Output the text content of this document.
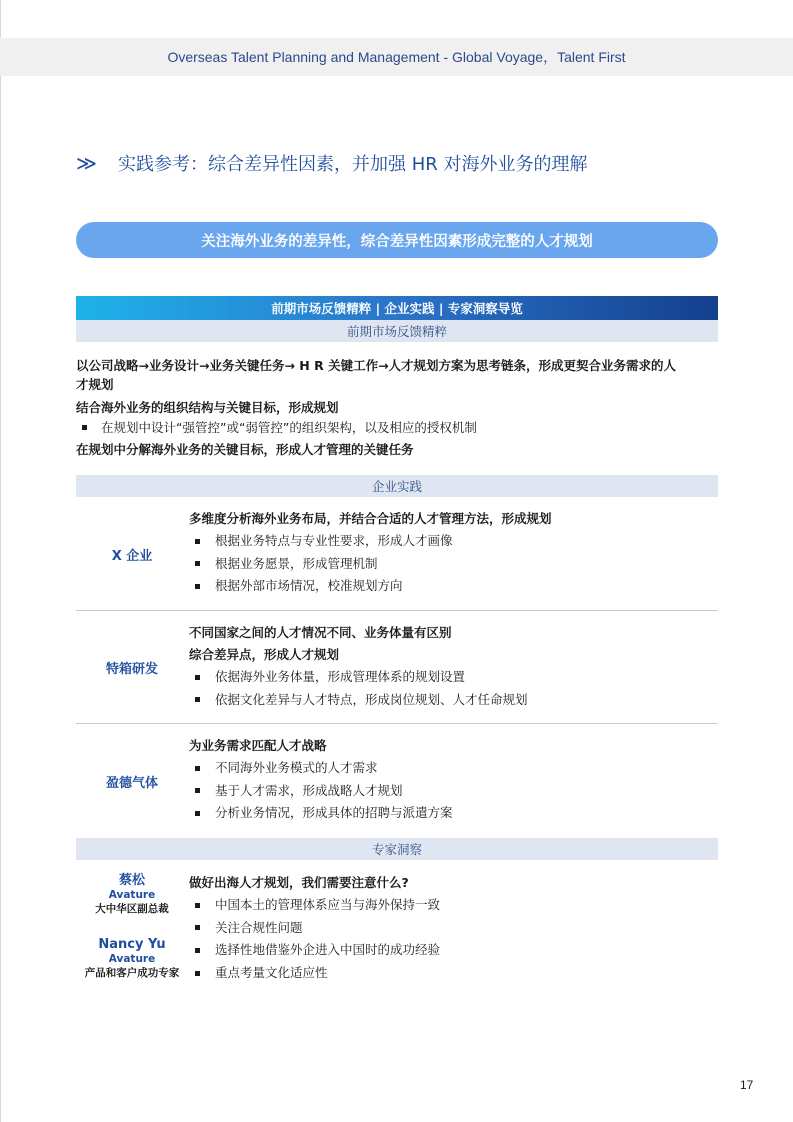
Overseas Talent Planning and Management - Global Voyage，Talent First
≫	实践参考：综合差异性因素，并加强 HR 对海外业务的理解
关注海外业务的差异性，综合差异性因素形成完整的人才规划
前期市场反馈精粹 | 企业实践 | 专家洞察导览
前期市场反馈精粹
以公司战略→业务设计→业务关键任务→ H R 关键工作→人才规划方案为思考链条，形成更契合业务需求的人
才规划
结合海外业务的组织结构与关键目标，形成规划
在规划中设计“强管控”或“弱管控”的组织架构，以及相应的授权机制
在规划中分解海外业务的关键目标，形成人才管理的关键任务
企业实践
X 企业
多维度分析海外业务布局，并结合合适的人才管理方法，形成规划
根据业务特点与专业性要求，形成人才画像
根据业务愿景，形成管理机制
根据外部市场情况，校准规划方向
特箱研发
不同国家之间的人才情况不同、业务体量有区别
综合差异点，形成人才规划
依据海外业务体量，形成管理体系的规划设置
依据文化差异与人才特点，形成岗位规划、人才任命规划
盈德气体
为业务需求匹配人才战略
不同海外业务模式的人才需求
基于人才需求，形成战略人才规划
分析业务情况，形成具体的招聘与派遣方案
专家洞察
蔡松
Avature
大中华区副总裁
Nancy Yu
Avature
产品和客户成功专家
做好出海人才规划，我们需要注意什么?
中国本土的管理体系应当与海外保持一致
关注合规性问题
选择性地借鉴外企进入中国时的成功经验
重点考量文化适应性
17
